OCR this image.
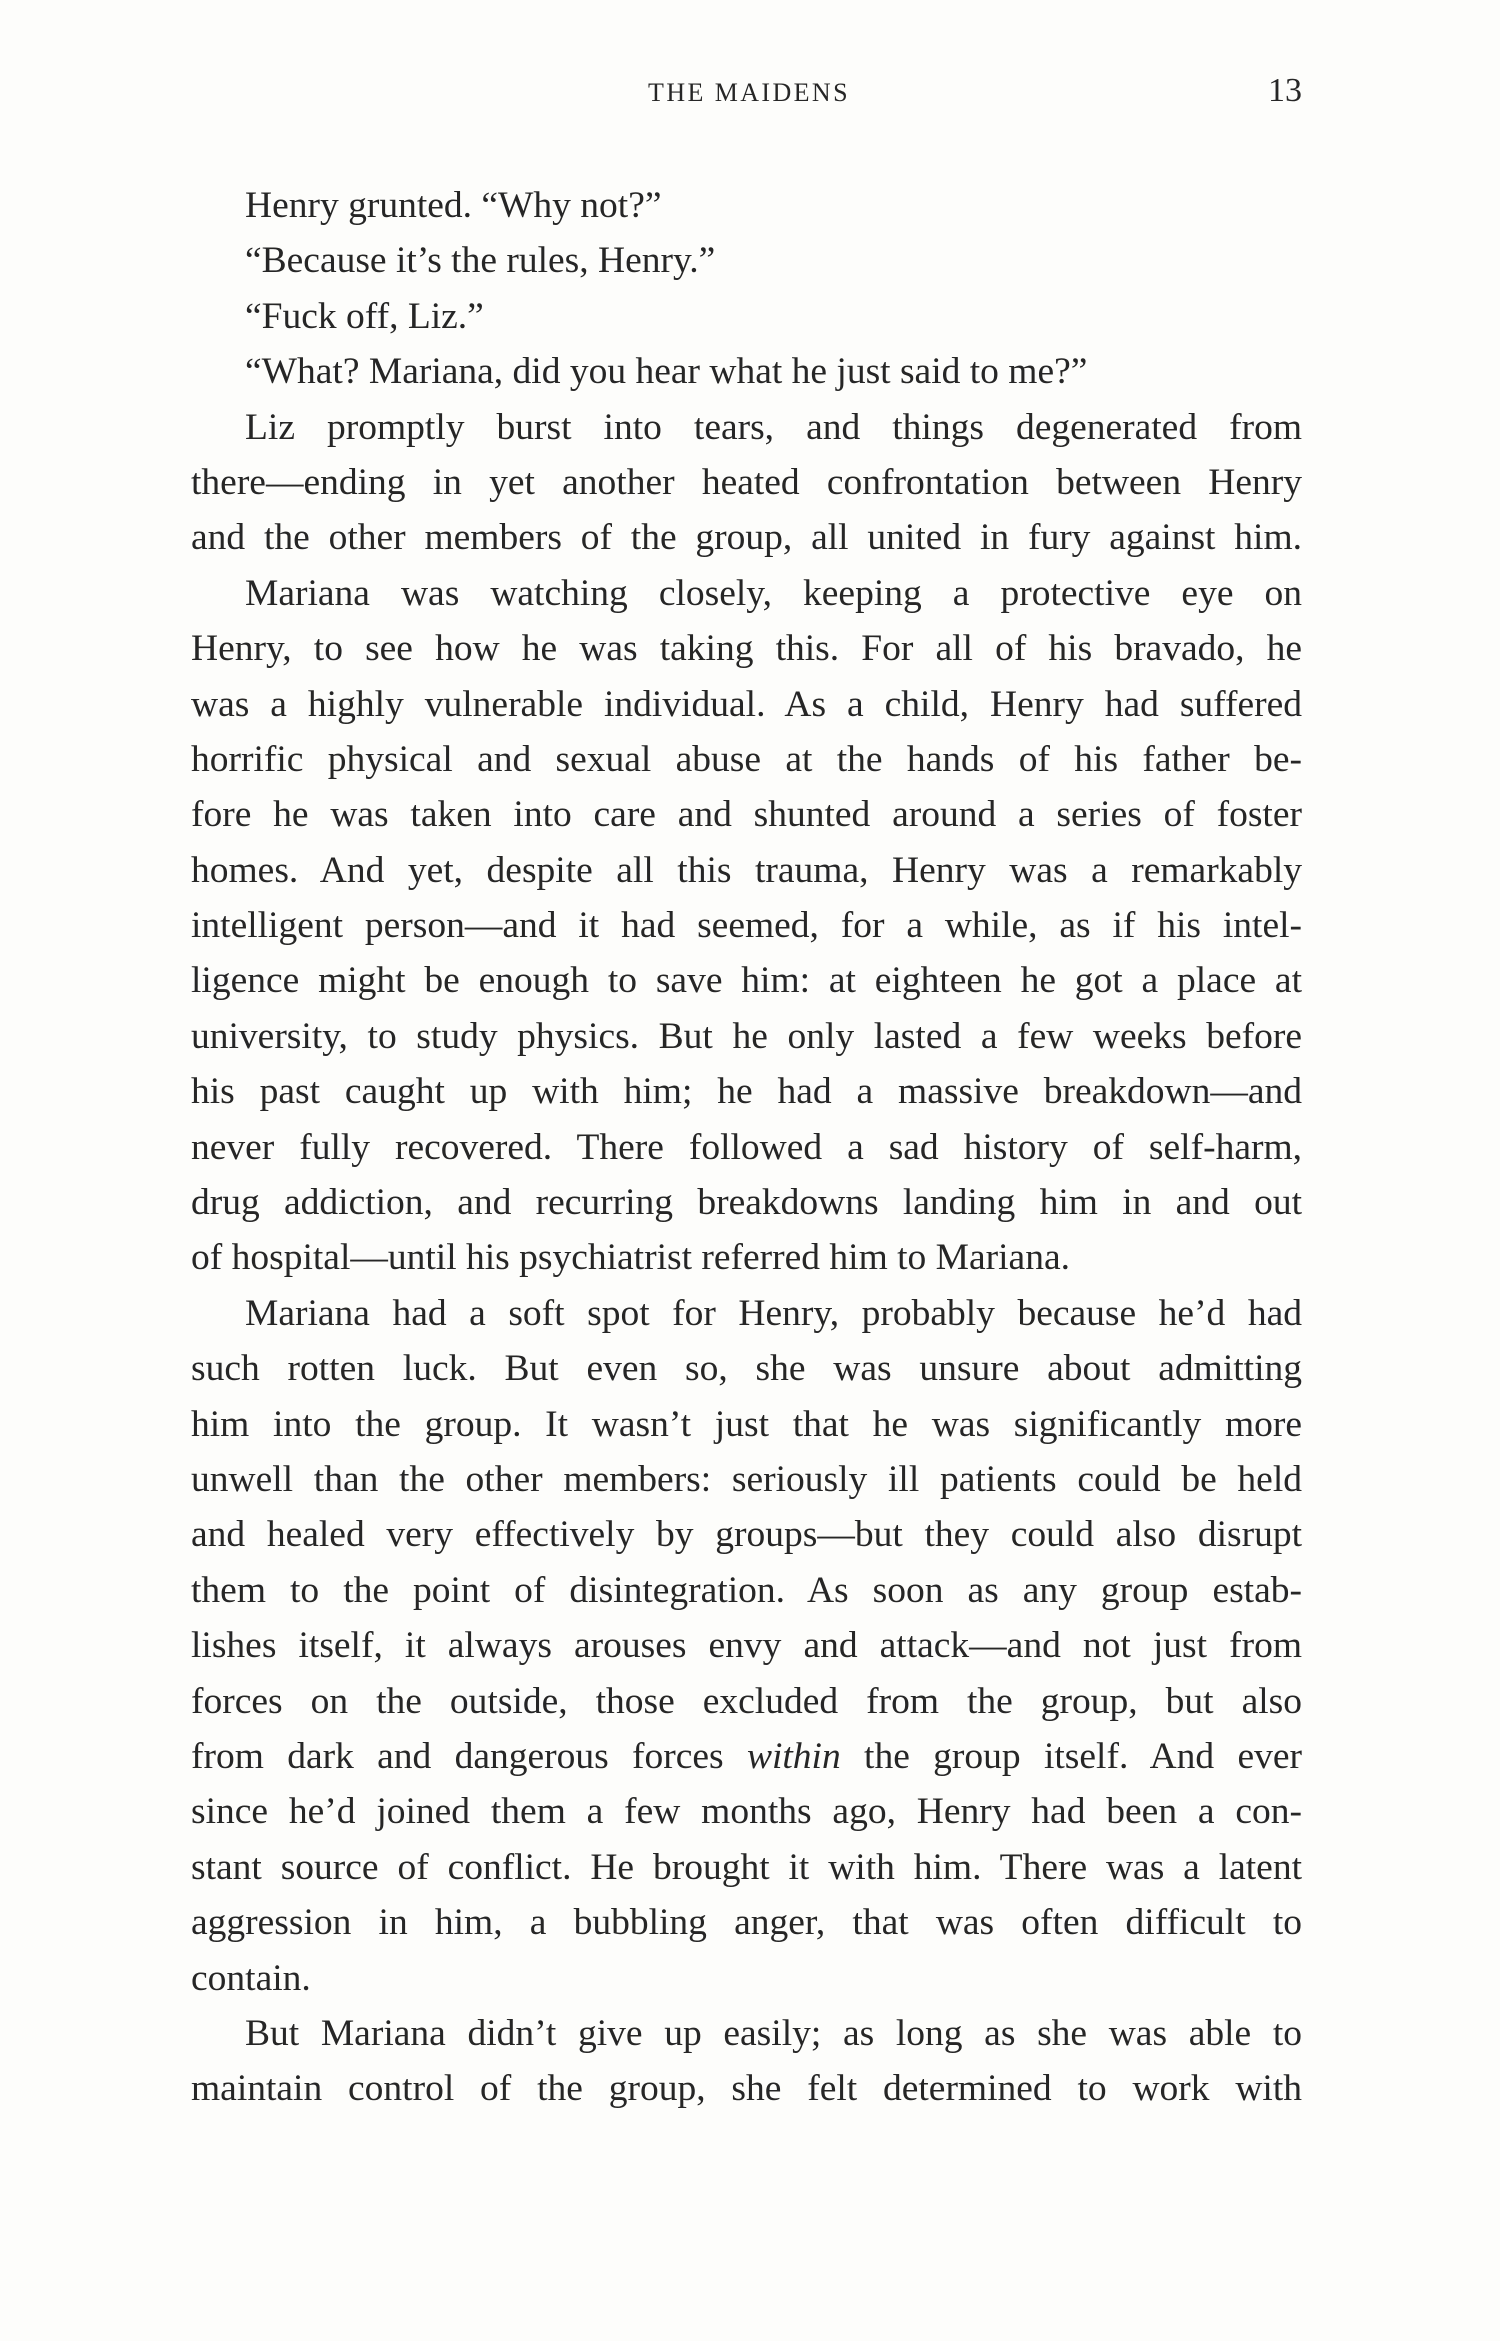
THE MAIDENS	13
Henry grunted. “Why not?”
“Because it’s the rules, Henry.”
“Fuck off, Liz.”
“What? Mariana, did you hear what he just said to me?”
Liz promptly burst into tears, and things degenerated from
there—ending in yet another heated confrontation between Henry
and the other members of the group, all united in fury against him.
Mariana was watching closely, keeping a protective eye on
Henry, to see how he was taking this. For all of his bravado, he
was a highly vulnerable individual. As a child, Henry had suffered
horrific physical and sexual abuse at the hands of his father be-
fore he was taken into care and shunted around a series of foster
homes. And yet, despite all this trauma, Henry was a remarkably
intelligent person—and it had seemed, for a while, as if his intel-
ligence might be enough to save him: at eighteen he got a place at
university, to study physics. But he only lasted a few weeks before
his past caught up with him; he had a massive breakdown—and
never fully recovered. There followed a sad history of self-harm,
drug addiction, and recurring breakdowns landing him in and out
of hospital—until his psychiatrist referred him to Mariana.
Mariana had a soft spot for Henry, probably because he’d had
such rotten luck. But even so, she was unsure about admitting
him into the group. It wasn’t just that he was significantly more
unwell than the other members: seriously ill patients could be held
and healed very effectively by groups—but they could also disrupt
them to the point of disintegration. As soon as any group estab-
lishes itself, it always arouses envy and attack—and not just from
forces on the outside, those excluded from the group, but also
from dark and dangerous forces within the group itself. And ever
since he’d joined them a few months ago, Henry had been a con-
stant source of conflict. He brought it with him. There was a latent
aggression in him, a bubbling anger, that was often difficult to
contain.
But Mariana didn’t give up easily; as long as she was able to
maintain control of the group, she felt determined to work with
